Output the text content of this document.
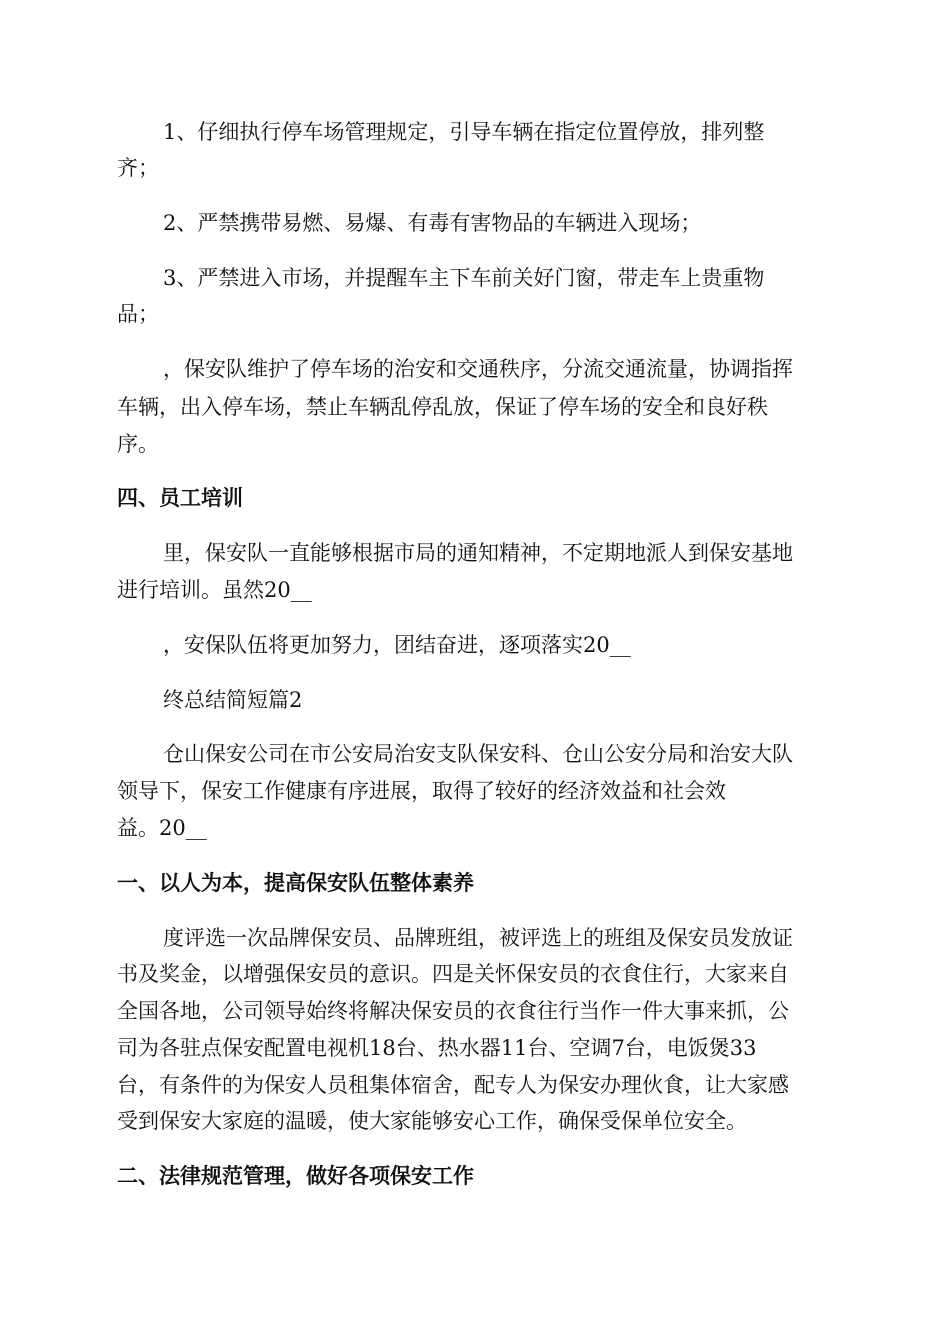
1、仔细执行停车场管理规定，引导车辆在指定位置停放，排列整
齐；
2、严禁携带易燃、易爆、有毒有害物品的车辆进入现场；
3、严禁进入市场，并提醒车主下车前关好门窗，带走车上贵重物
品；
，保安队维护了停车场的治安和交通秩序，分流交通流量，协调指挥
车辆，出入停车场，禁止车辆乱停乱放，保证了停车场的安全和良好秩
序。
四、员工培训
里，保安队一直能够根据市局的通知精神，不定期地派人到保安基地
进行培训。虽然20__
，安保队伍将更加努力，团结奋进，逐项落实20__
终总结简短篇2
仓山保安公司在市公安局治安支队保安科、仓山公安分局和治安大队
领导下，保安工作健康有序进展，取得了较好的经济效益和社会效
益。20__
一、以人为本，提高保安队伍整体素养
度评选一次品牌保安员、品牌班组，被评选上的班组及保安员发放证
书及奖金，以增强保安员的意识。四是关怀保安员的衣食住行，大家来自
全国各地，公司领导始终将解决保安员的衣食往行当作一件大事来抓，公
司为各驻点保安配置电视机18台、热水器11台、空调7台，电饭煲33
台，有条件的为保安人员租集体宿舍，配专人为保安办理伙食，让大家感
受到保安大家庭的温暖，使大家能够安心工作，确保受保单位安全。
二、法律规范管理，做好各项保安工作
